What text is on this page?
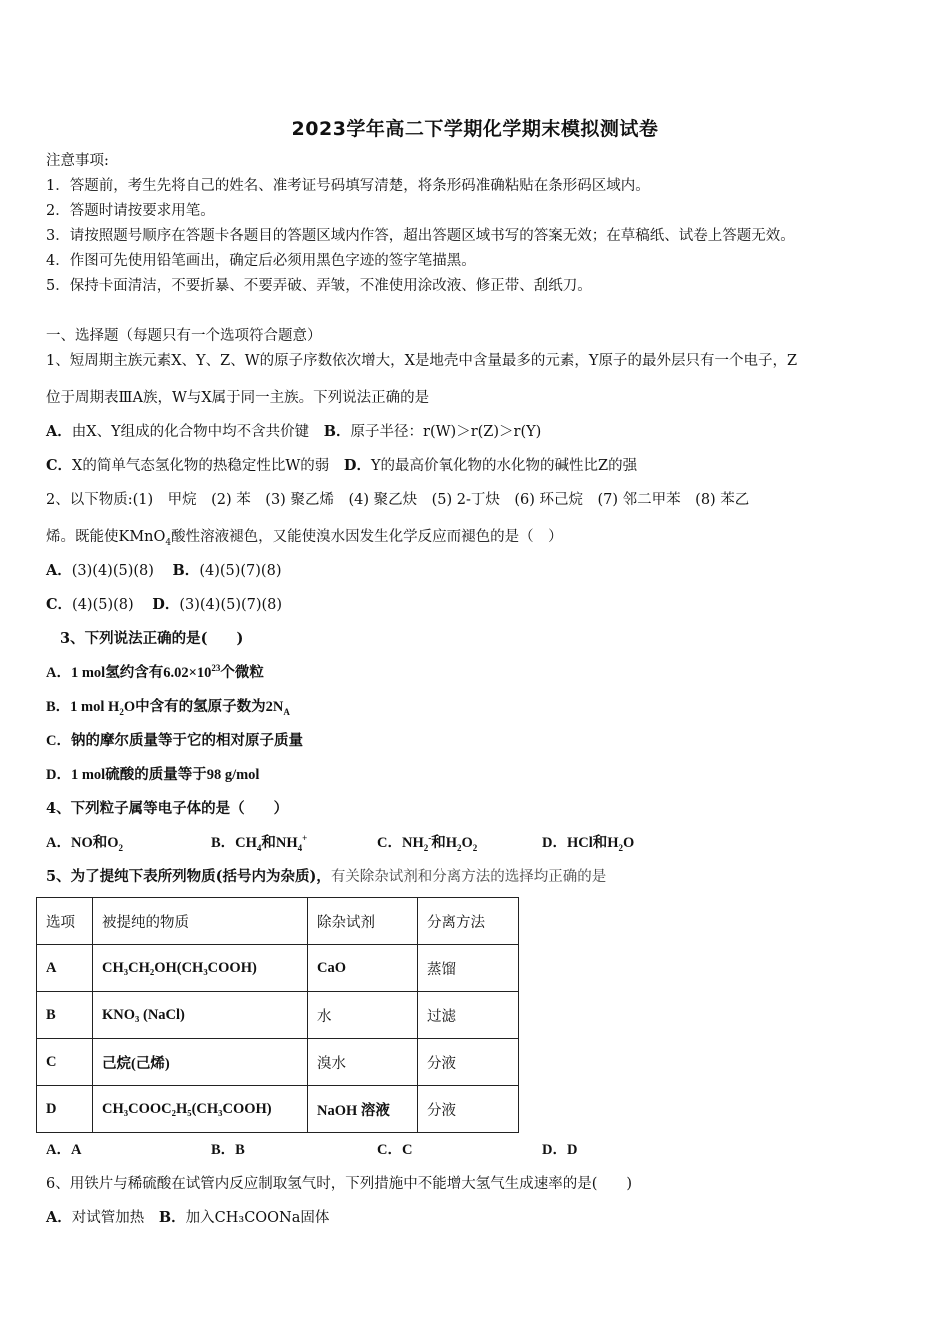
2023学年高二下学期化学期末模拟测试卷
注意事项:
1．答题前，考生先将自己的姓名、准考证号码填写清楚，将条形码准确粘贴在条形码区域内。
2．答题时请按要求用笔。
3．请按照题号顺序在答题卡各题目的答题区域内作答，超出答题区域书写的答案无效；在草稿纸、试卷上答题无效。
4．作图可先使用铅笔画出，确定后必须用黑色字迹的签字笔描黑。
5．保持卡面清洁，不要折暴、不要弄破、弄皱，不准使用涂改液、修正带、刮纸刀。
一、选择题（每题只有一个选项符合题意）
1、短周期主族元素X、Y、Z、W的原子序数依次增大，X是地壳中含量最多的元素，Y原子的最外层只有一个电子，Z
位于周期表ⅢA族，W与X属于同一主族。下列说法正确的是
A．由X、Y组成的化合物中均不含共价键 B．原子半径：r(W)＞r(Z)＞r(Y)
C．X的简单气态氢化物的热稳定性比W的弱 D．Y的最高价氧化物的水化物的碱性比Z的强
2、以下物质:(1)　甲烷　(2) 苯　(3) 聚乙烯　(4) 聚乙炔　(5) 2-丁炔　(6) 环己烷　(7) 邻二甲苯　(8) 苯乙
烯。既能使KMnO$_4$酸性溶液褪色，又能使溴水因发生化学反应而褪色的是（　）
A．(3)(4)(5)(8) B．(4)(5)(7)(8)
C．(4)(5)(8) D．(3)(4)(5)(7)(8)
3、下列说法正确的是(　　)
A．1 mol氢约含有$6.02\times 10^{23}$个微粒
B．1 mol $H_2O$中含有的氢原子数为$2N_A$
C．钠的摩尔质量等于它的相对原子质量
D．1 mol硫酸的质量等于98 g/mol
4、下列粒子属等电子体的是（　　）
A．NO和$O_2$	B．$CH_4$和$NH_4^+$	C．$NH_2^-$和$H_2O_2$	D．HCl和$H_2O$
5、为了提纯下表所列物质(括号内为杂质)，有关除杂试剂和分离方法的选择均正确的是
选项	被提纯的物质	除杂试剂	分离方法
A	CH₃CH₂OH(CH₃COOH)	CaO	蒸馏
B	KNO₃ (NaCl)	水	过滤
C	己烷(己烯)	溴水	分液
D	CH₃COOC₂H₅(CH₃COOH)	NaOH 溶液	分液
A．A	B．B	C．C	D．D
6、用铁片与稀硫酸在试管内反应制取氢气时，下列措施中不能增大氢气生成速率的是(　　)
A．对试管加热 B．加入CH₃COONa固体
